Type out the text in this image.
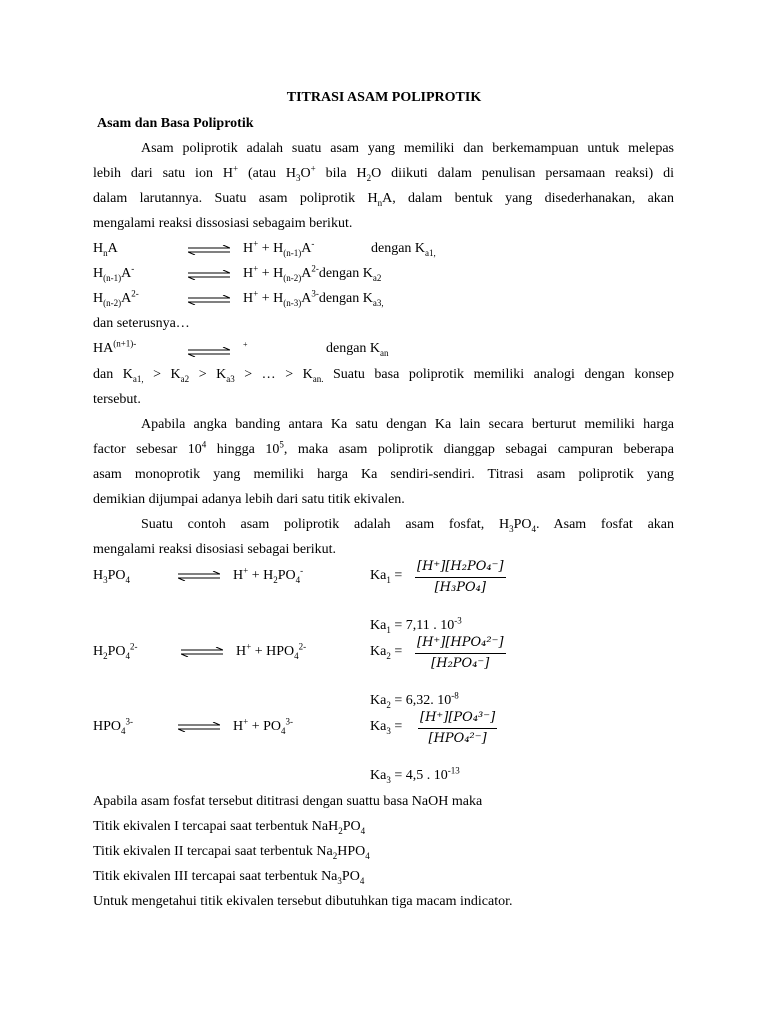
TITRASI ASAM POLIPROTIK
Asam dan Basa Poliprotik
Asam poliprotik adalah suatu asam yang memiliki dan berkemampuan untuk melepas
lebih dari satu ion H+ (atau $H_3O^+$ bila $H_2O$ diikuti dalam penulisan persamaan reaksi) di
dalam larutannya. Suatu asam poliprotik $H_nA$, dalam bentuk yang disederhanakan, akan
mengalami reaksi dissosiasi sebagaim berikut.
$H_nA$	⇌ $H^+ + H_{(n-1)}A^-$	dengan $K_{a1,}$
$H_{(n-1)}A^-$ ⇌ $H^+ + H_{(n-2)}A^{2-}dengan$ $K_{a2}$
$H_{(n-2)}A^{2-}$ ⇌ $H^+ + H_{(n-3)}A^{3-}dengan$ $K_{a3,}$
dan seterusnya…
$HA^{(n+1)-}$	+	dengan $K_{an}$
dan $K_{a1,} > K_{a2} > K_{a3}$ > … > $K_{an.}$ Suatu basa poliprotik memiliki analogi dengan konsep
tersebut.
Apabila angka banding antara Ka satu dengan Ka lain secara berturut memiliki harga
factor sebesar $10^4$ hingga $10^5$, maka asam poliprotik dianggap sebagai campuran beberapa
asam monoprotik yang memiliki harga Ka sendiri-sendiri. Titrasi asam poliprotik yang
demikian dijumpai adanya lebih dari satu titik ekivalen.
Suatu contoh asam poliprotik adalah asam fosfat, $H_3PO_4$. Asam fosfat akan
mengalami reaksi disosiasi sebagai berikut.
$H_3PO_4$	⇌ $H^+ + H_2PO_4^-$	$Ka_1$ =
[H⁺][H₂PO₄⁻]
[H₃PO₄]
$Ka_1 = 7,11$ . $10^{-3}$
$H_2PO_4^{2-}$ ⇌ $H^+ + HPO_4^{2-}$	$Ka_2$ =
[H⁺][HPO₄²⁻]
[H₂PO₄⁻]
$Ka_2 = 6,32$. $10^{-8}$
$HPO_4^{3-}$ ⇌ $H^+ + PO_4^{3-}$	$Ka_3$ =
[H⁺][PO₄³⁻]
[HPO₄²⁻]
$Ka_3 = 4,5$ . $10^{-13}$
Apabila asam fosfat tersebut dititrasi dengan suattu basa NaOH maka
Titik ekivalen I tercapai saat terbentuk $NaH_2PO_4$
Titik ekivalen II tercapai saat terbentuk $Na_2HPO_4$
Titik ekivalen III tercapai saat terbentuk $Na_3PO_4$
Untuk mengetahui titik ekivalen tersebut dibutuhkan tiga macam indicator.
